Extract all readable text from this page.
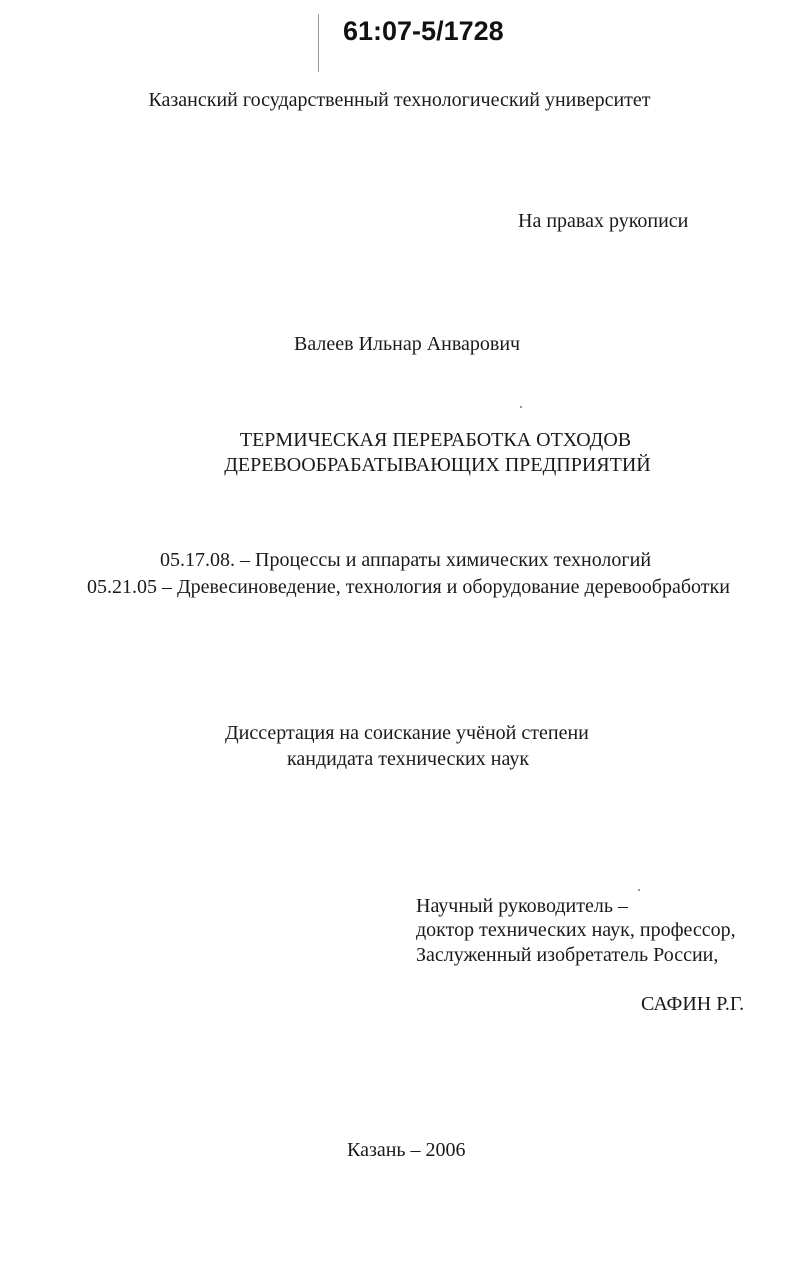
61:07-5/1728
Казанский государственный технологический университет
На правах рукописи
Валеев Ильнар Анварович
ТЕРМИЧЕСКАЯ ПЕРЕРАБОТКА ОТХОДОВ
ДЕРЕВООБРАБАТЫВАЮЩИХ ПРЕДПРИЯТИЙ
05.17.08. – Процессы и аппараты химических технологий
05.21.05 – Древесиноведение, технология и оборудование деревообработки
Диссертация на соискание учёной степени
кандидата технических наук
Научный руководитель –
доктор технических наук, профессор,
Заслуженный изобретатель России,
САФИН Р.Г.
Казань – 2006
